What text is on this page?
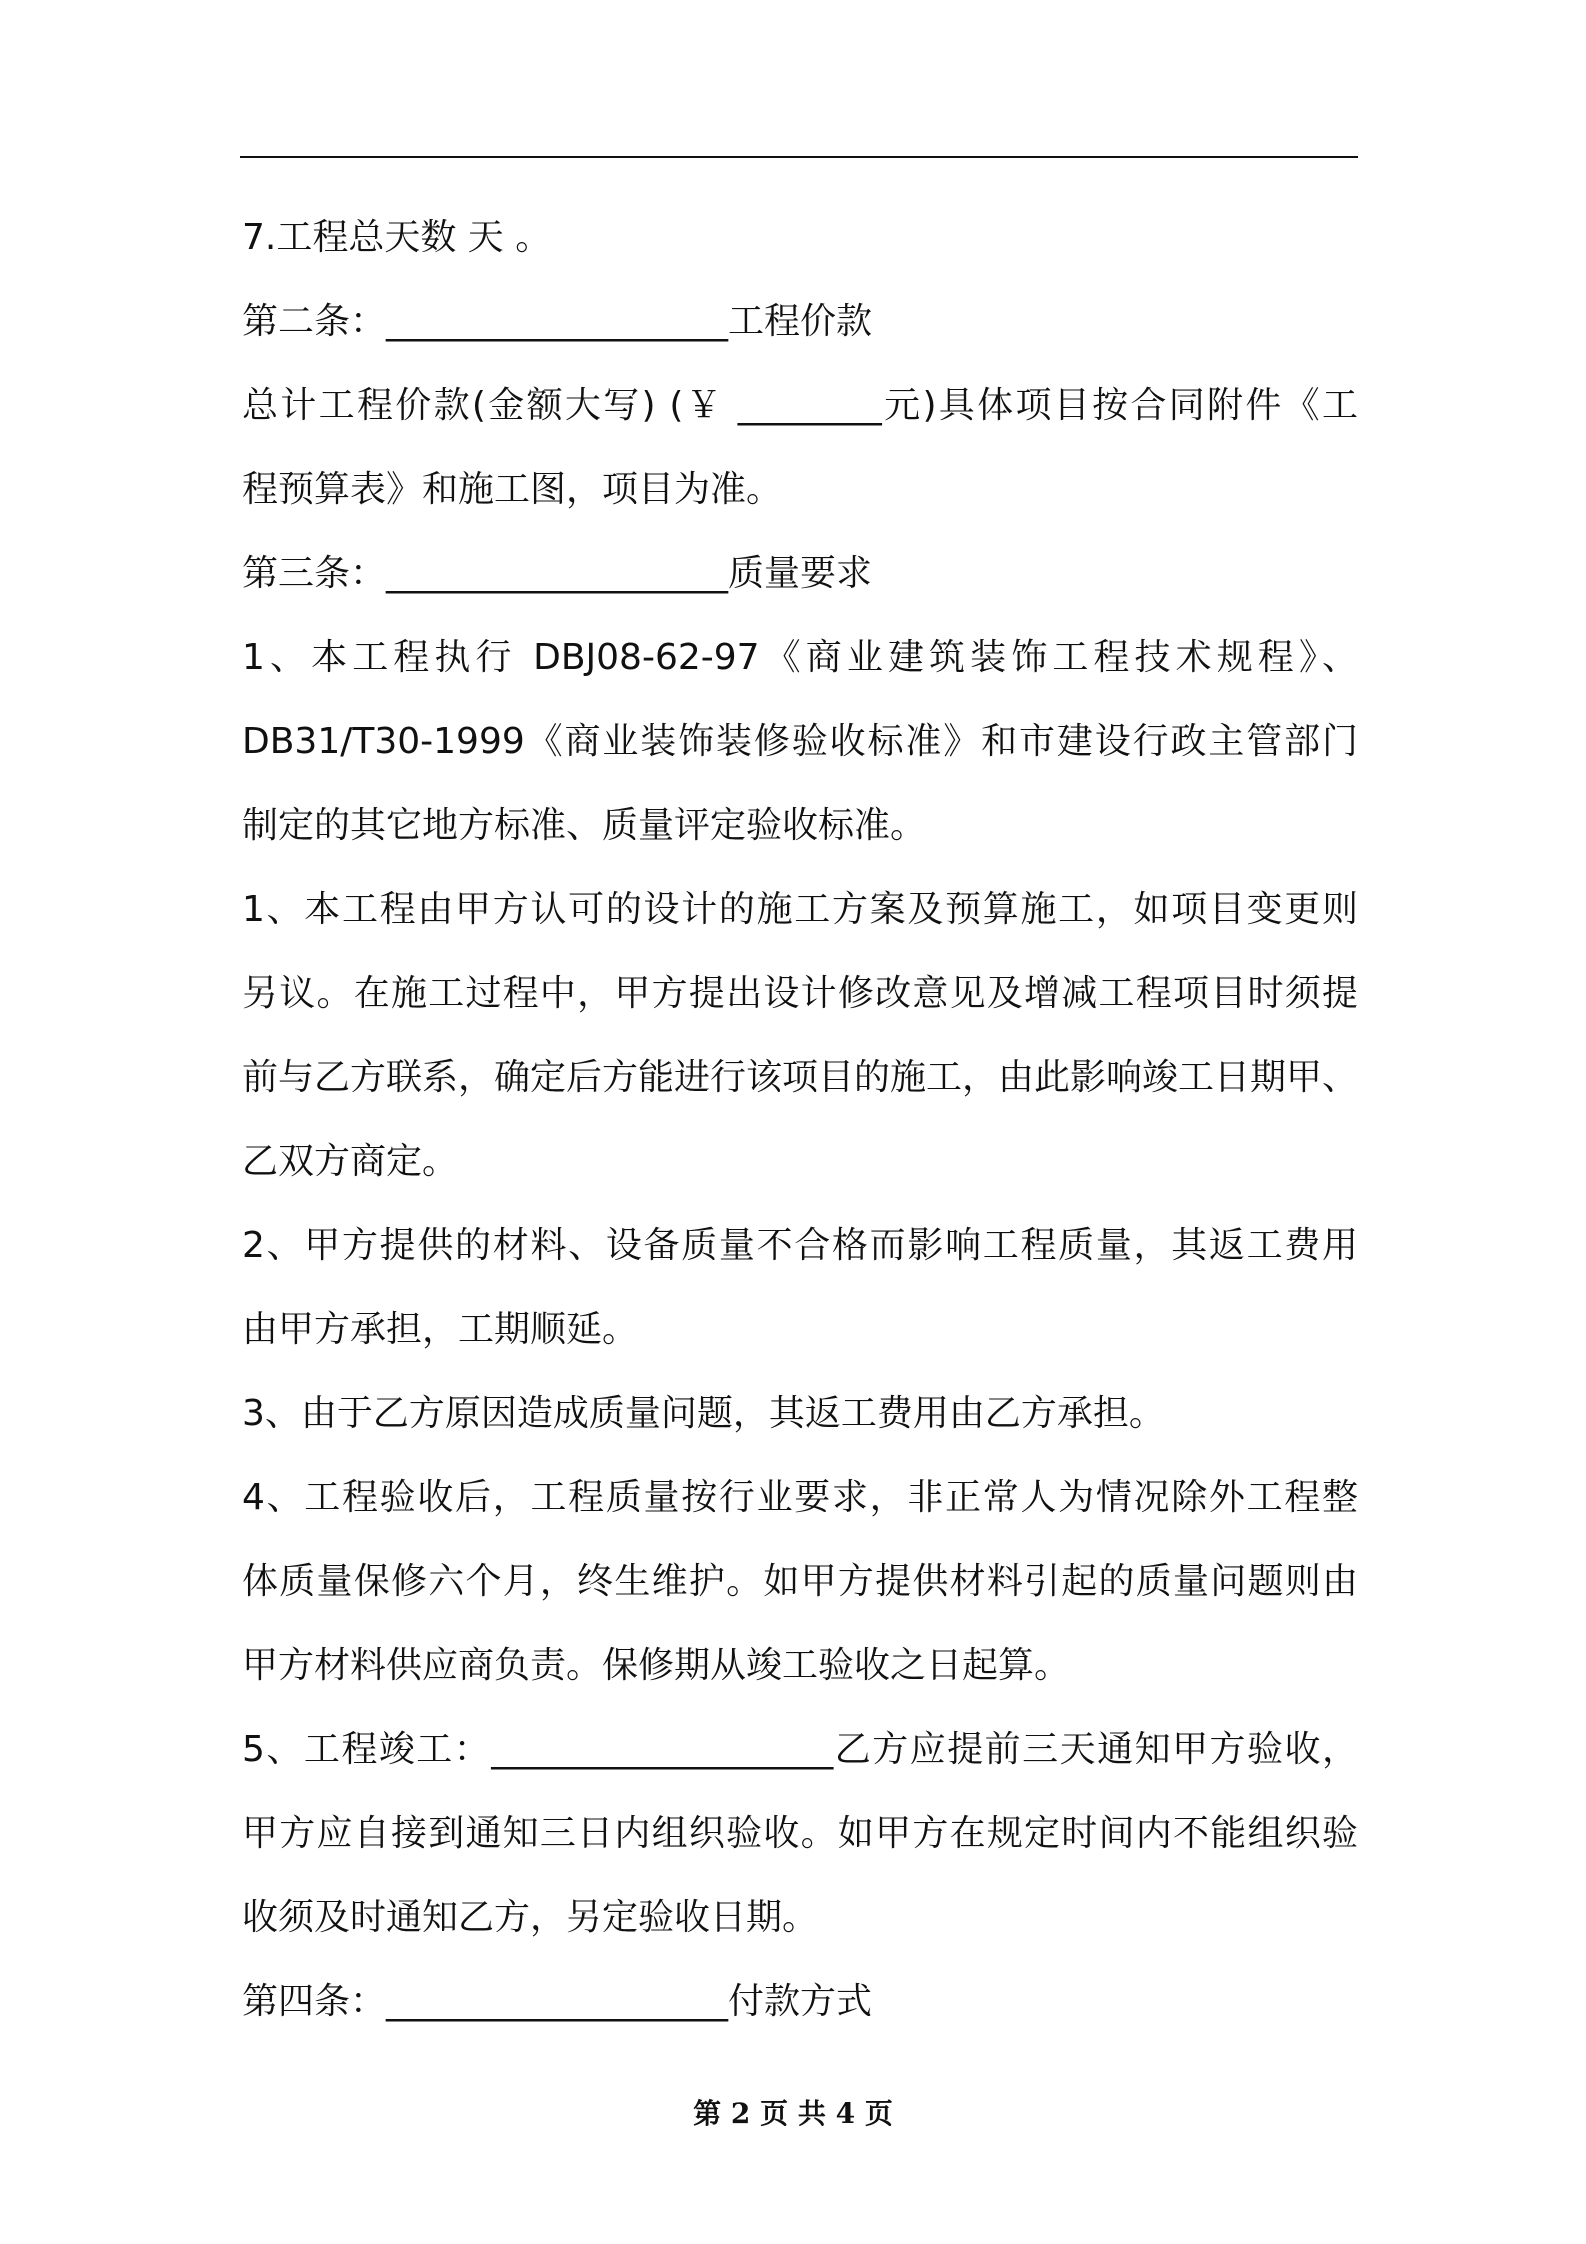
7.工程总天数 天 。
第二条：___________________工程价款
总计工程价款(金额大写) (￥ ________元)具体项目按合同附件《工
程预算表》和施工图，项目为准。
第三条：___________________质量要求
1、本工程执行 DBJ08-62-97《商业建筑装饰工程技术规程》、
DB31/T30-1999《商业装饰装修验收标准》和市建设行政主管部门
制定的其它地方标准、质量评定验收标准。
1、本工程由甲方认可的设计的施工方案及预算施工，如项目变更则
另议。在施工过程中，甲方提出设计修改意见及增减工程项目时须提
前与乙方联系，确定后方能进行该项目的施工，由此影响竣工日期甲、
乙双方商定。
2、甲方提供的材料、设备质量不合格而影响工程质量，其返工费用
由甲方承担，工期顺延。
3、由于乙方原因造成质量问题，其返工费用由乙方承担。
4、工程验收后，工程质量按行业要求，非正常人为情况除外工程整
体质量保修六个月，终生维护。如甲方提供材料引起的质量问题则由
甲方材料供应商负责。保修期从竣工验收之日起算。
5、工程竣工：___________________乙方应提前三天通知甲方验收，
甲方应自接到通知三日内组织验收。如甲方在规定时间内不能组织验
收须及时通知乙方，另定验收日期。
第四条：___________________付款方式
第 2 页 共 4 页
